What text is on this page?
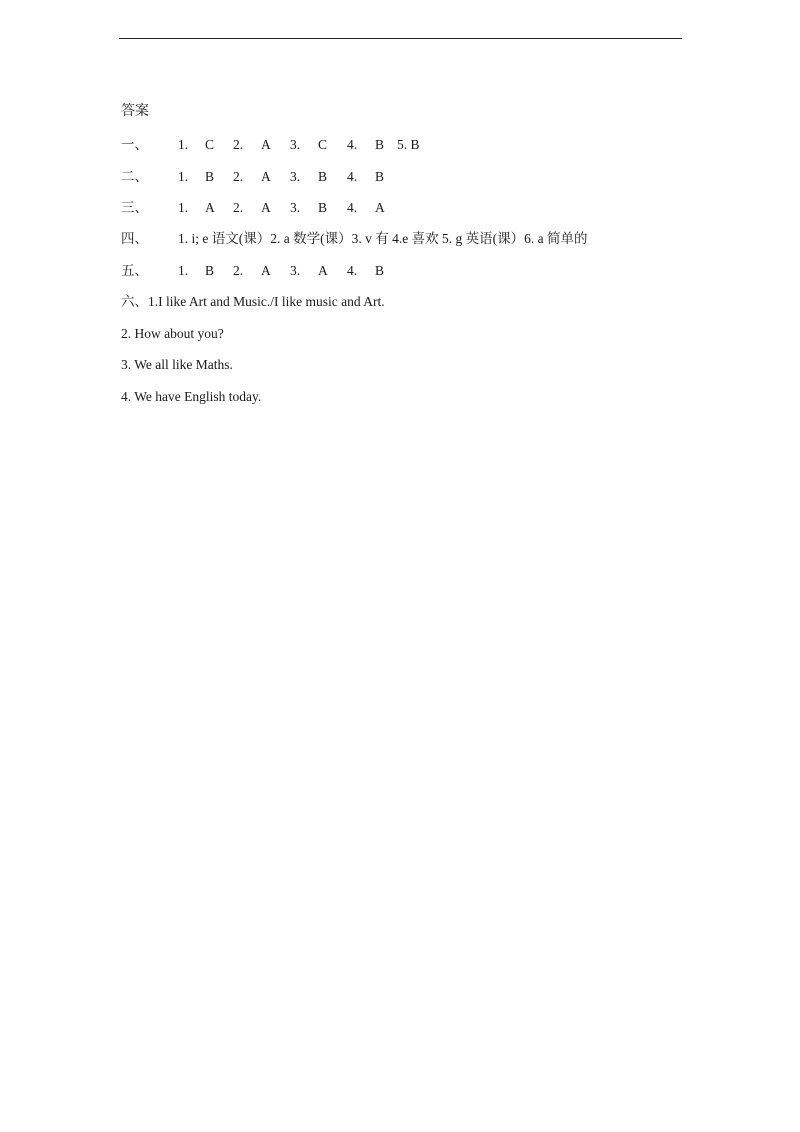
答案
一、 1. C 2. A 3. C 4. B 5. B
二、 1. B 2. A 3. B 4. B
三、 1. A 2. A 3. B 4. A
四、 1. i; e 语文(课）2. a 数学(课）3. v 有 4.e 喜欢 5. g 英语(课）6. a 简单的
五、 1. B 2. A 3. A 4. B
六、1.I like Art and Music./I like music and Art.
2. How about you?
3. We all like Maths.
4. We have English today.
